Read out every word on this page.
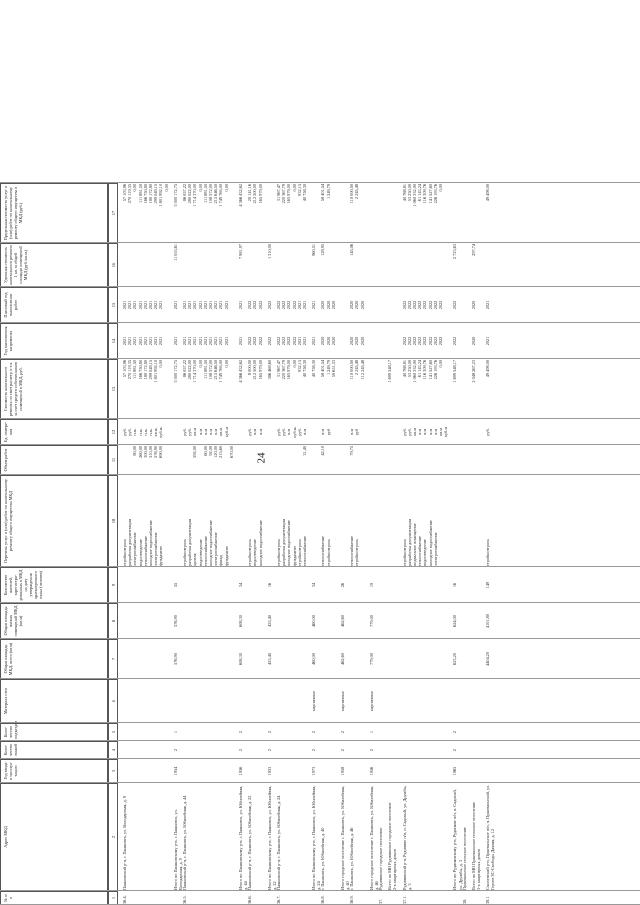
24
№ п/п
Адрес МКД
Год ввода в эксплуа-тацию
Коли-чество этажей
Коли-чество подъездов
Материал стен
Общая площадь МКД, всего (кв.м)
Общая площадь жилых помещений МКД (кв.м)
Количество жителей, зарегистри-рованных в МКД на дату утверждения краткосрочного плана (человек)
Перечень услуг и (или) работ по капитальному ремонту общего имущества МКД
Объем работ
Ед. измере-ния
Стоимость капитального ремонта по смет расчету, в т.ч. за счет средств собственников помещений в МКД, руб.
Год выполнения капремонта
Плановый год выполнения работ
Удельная стоимость капитального ремонта 1 кв. м общей площади помещений МКД (руб./кв.м.)
Предельная стоимость услуг и (или) работ по капитальному ремонту общего имущества в МКД (руб.)
1
2
3
4
5
6
7
8
9
10
11
12
13
14
15
16
17
36.4.
Пашковский р-н, г. Пашковск, ул. Володарская, д. 9
стройконтроль
разработка документации
электроснабжение
водоотведение
теплоснабжение
холодное водоснабжение
электроснабжение
фундамент

80,00
260,00
300,00
510,00
576,90
690,00
руб.
руб.
п.м.
п.м.
п.м.
п.м.
кв.м.
куб.м.
57 103,96
270 119,35
111 881,50
166 750,80
180 172,80
299 049,15
1 801 992,10
0,00
2021
2021
2021
2021
2021
2021
2021
2021
2021
2021
2021
2021
2021
2021
2021
2021
57 103,96
270 119,35
0,00
111 881,50
166 750,80
180 172,80
299 049,15
1 801 992,10
0,00
Итого по Пашковскому р-н, г. Пашковск, ул. Володарская, д. 9
1954
2
1
576,90
576,90
55
3 000 172,75
2021
2021
11 053,61
3 000 172,75
36.5.
Пашковский р-н, г. Пашковск, ул. Юбилейная, д. 44
стройконтроль
разработка документации
кровля
водоотведение
теплоснабжение
холодное водоснабжение
электроснабжение
фасад
фундамент

592,00

60,00
92,00
120,00
215,60

670,00
руб.
руб.
кв.м
п.м
п.м
п.м
п.м
кв.м
куб.м
86 057,22
280 022,00
1 714 370,00
0,00
111 881,50
108 572,00
215 646,50
1 749 765,00
0,00
2021
2021
2021
2021
2021
2021
2021
2021
2021
2021
2021
2021
2021
2021
2021
2021
2021
2021
86 057,22
280 022,00
1 714 370,00
0,00
111 881,50
108 572,00
215 646,50
1 749 765,00
0,00
Итого по Пашковскому р-н, г. Пашковск, ул. Юбилейная, д. 44
1956
2
2
608,30
608,30
34
4 366 432,62
2021
2021
7 981,97
4 366 432,62
36.6.
Пашковский р-н, г. Пашковск, ул. Юбилейная, д. 22
стройконтроль
водоотведение
холодное водоснабжение
руб.
п.м
п.м
8 000,00
212 500,00
165 979,00
2022
2022
2022
2022
2022
2022
20 141,16
212 500,00
165 979,00
Итого по Пашковскому р-н, г. Пашковск, ул. Юбилейная, д. 22
1953
2
2
453,40
453,40
16
386 469,60
2022
2022
1 310,00
36.7.
Пашковский р-н, г. Пашковск, ул. Юбилейная, д. 24
стройконтроль
разработка документации
холодное водоснабжение
фундамент
стройконтроль
теплоснабжение

31,40
руб.
руб.
п.м
куб.м.
руб.
п.м
31 967,47
220 367,79
165 979,00
0,00
932,15
40 758,30
2022
2022
2022
2022
2021
2021
2022
2022
2022
2022
2021
2021
31 967,47
220 367,79
165 979,00
0,00
932,15
40 758,30
Итого по Пашковскому р-н, г. Пашковск, ул. Юбилейная, д. 24
1973
2
2
кирпичные
460,00
460,00
34
40 758,30
2021
2021
960,51
36.8.
г. Пашковск, ул. Юбилейная, д. 40
теплоснабжение
стройконтроль
42,10
п.м
руб
58 401,54
1 249,79
59 651,33
2020
2020
2020
2020
2020
2020
128,95
58 401,54
1 249,79
Итого городское поселение г. Пашковск, ул. Юбилейная, д. 40
1958
2
2
кирпичные
462,60
462,60
26
36.9.
г. Пашковск, ул. Юбилейная, д. 46
теплоснабжение
стройконтроль
79,75
п.м
руб
110 000,00
2 245,48
112 245,48
2020
2020
2020
2020
2020
2020
145,06
110 000,00
2 245,48
Итого городское поселение г. Пашковск, ул. Юбилейная, д. 46
1956
2
1
кирпичные
779,00
779,00
19
37.
Рудинянское городское поселение Всего по МО Рудинянское городское поселение
2-х квартирных домов
1 699 548,17
37.1.
Рудинянский р-н, Рудиняне п/п, п. Садовый, ул. Дружбы, д. 3
стройконтроль
разработка документации
подвальное помещение
теплоснабжение
водоотведение
холодное водоснабжение
электроснабжение
руб.
руб.
кв.м
п.м
п.м
п.м
п.м
кв.м
куб.м
40 768,81
53 250,00
1 060 332,00
61 143,24
116 309,76
141 527,60
226 193,76
0,00
2022
2022
2022
2022
2022
2022
2022
2022
2022
2022
2022
2022
2022
2022
2022
2022
40 768,81
53 250,00
1 060 332,00
61 143,24
116 309,76
141 527,60
226 193,76
0,00
Итого по Рудинянскому р-н, Рудиняне п/п, п. Садовый, ул. Дружбы, д. 3
1965
2
2
623,20
624,00
16
1 699 548,17
2022
2022
2 723,63
38.
Пржевальское сельское поселение Всего по МО Пржевальское сельское поселение
3-х квартирных домов
2 048 267,23
2020
2020
297,74
38.1
Смоленский р-н, Пржевальское п/п, п. Пржевальский, ул. Героев ЗС-Свободы Дачная, д. 12
4404,20
4101,80
149
стройконтроль
руб.
49 498,00
2021
2021
49 498,00
